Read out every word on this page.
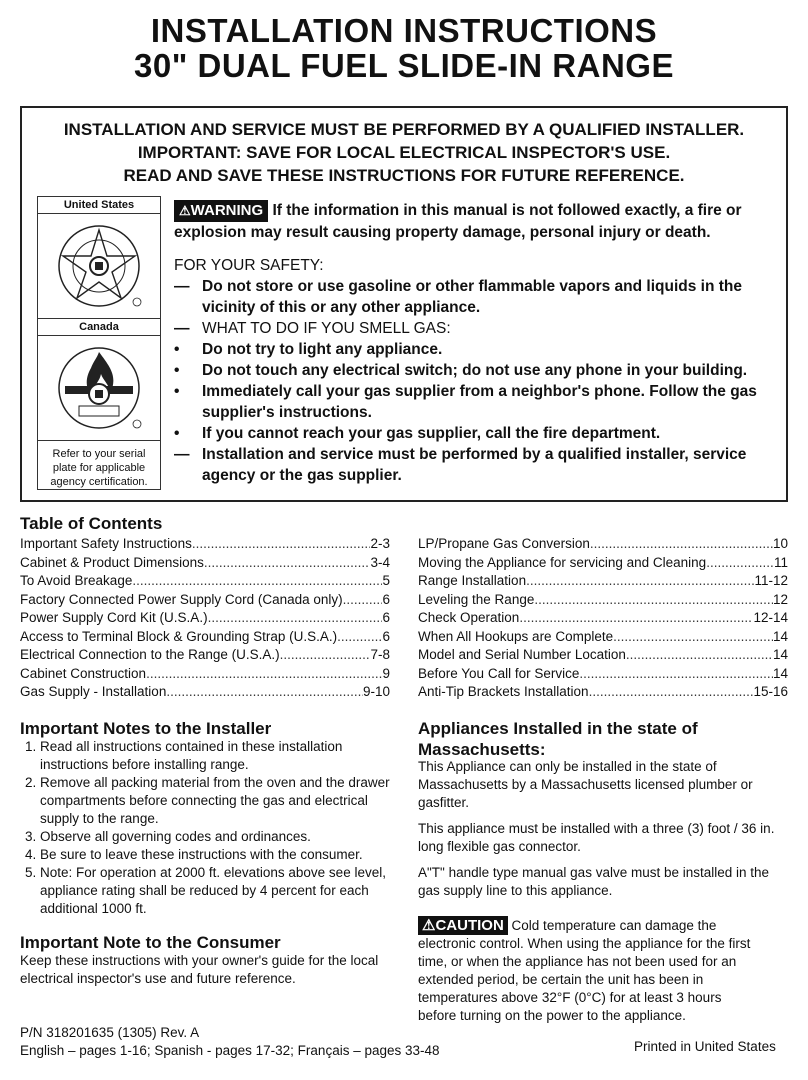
INSTALLATION INSTRUCTIONS
30" DUAL FUEL SLIDE-IN RANGE
INSTALLATION AND SERVICE MUST BE PERFORMED BY A QUALIFIED INSTALLER.
IMPORTANT: SAVE FOR LOCAL ELECTRICAL INSPECTOR'S USE.
READ AND SAVE THESE INSTRUCTIONS FOR FUTURE REFERENCE.
United States
Canada
Refer to your serial plate for applicable agency certification.
⚠WARNING If the information in this manual is not followed exactly, a fire or explosion may result causing property damage, personal injury or death.
FOR YOUR SAFETY:
— Do not store or use gasoline or other flammable vapors and liquids in the vicinity of this or any other appliance.
— WHAT TO DO IF YOU SMELL GAS:
•	Do not try to light any appliance.
•	Do not touch any electrical switch; do not use any phone in your building.
•	Immediately call your gas supplier from a neighbor's phone. Follow the gas supplier's instructions.
•	If you cannot reach your gas supplier, call the fire department.
— Installation and service must be performed by a qualified installer, service agency or the gas supplier.
Table of Contents
Important Safety Instructions .....	2-3
Cabinet & Product Dimensions .....	3-4
To Avoid Breakage .....	5
Factory Connected Power Supply Cord (Canada only) .....	6
Power Supply Cord Kit (U.S.A.) .....	6
Access to Terminal Block & Grounding Strap (U.S.A.) .....	6
Electrical Connection to the Range (U.S.A.) .....	7-8
Cabinet Construction .....	9
Gas Supply - Installation .....	9-10
LP/Propane Gas Conversion .....	10
Moving the Appliance for servicing and Cleaning .....	11
Range Installation .....	11-12
Leveling the Range .....	12
Check Operation .....	12-14
When All Hookups are Complete .....	14
Model and Serial Number Location .....	14
Before You Call for Service .....	14
Anti-Tip Brackets Installation .....	15-16
Important Notes to the Installer
1. Read all instructions contained in these installation instructions before installing range.
2. Remove all packing material from the oven and the drawer compartments before connecting the gas and electrical supply to the range.
3. Observe all governing codes and ordinances.
4. Be sure to leave these instructions with the consumer.
5. Note: For operation at 2000 ft. elevations above see level, appliance rating shall be reduced by 4 percent for each additional 1000 ft.
Important Note to the Consumer
Keep these instructions with your owner's guide for the local electrical inspector's use and future reference.
Appliances Installed in the state of Massachusetts:

This Appliance can only be installed in the state of Massachusetts by a Massachusetts licensed plumber or gasfitter.

This appliance must be installed with a three (3) foot / 36 in. long flexible gas connector.

A"T" handle type manual gas valve must be installed in the gas supply line to this appliance.

⚠CAUTION Cold temperature can damage the electronic control. When using the appliance for the first time, or when the appliance has not been used for an extended period, be certain the unit has been in temperatures above 32°F (0°C) for at least 3 hours before turning on the power to the appliance.
P/N 318201635 (1305) Rev. A
English – pages 1-16; Spanish - pages 17-32; Français – pages 33-48	Printed in United States
